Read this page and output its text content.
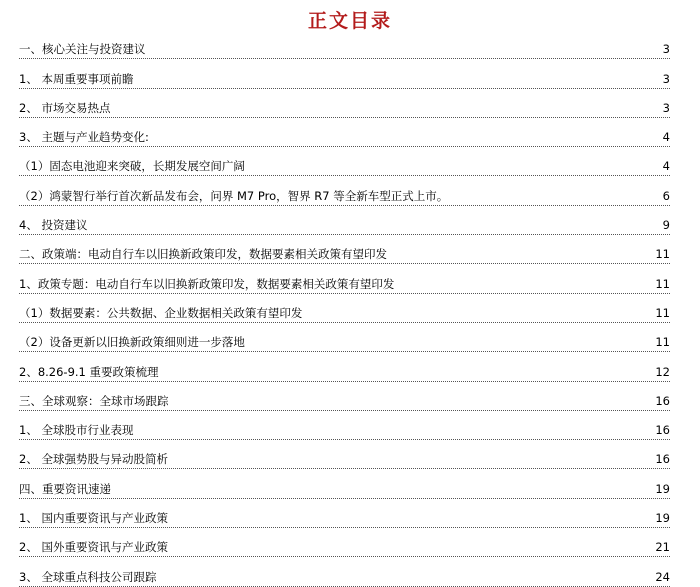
正文目录
一、核心关注与投资建议	3
1、 本周重要事项前瞻	3
2、 市场交易热点	3
3、 主题与产业趋势变化:	4
（1）固态电池迎来突破，长期发展空间广阔	4
（2）鸿蒙智行举行首次新品发布会，问界 M7 Pro，智界 R7 等全新车型正式上市。	6
4、 投资建议	9
二、政策端：电动自行车以旧换新政策印发，数据要素相关政策有望印发	11
1、政策专题：电动自行车以旧换新政策印发，数据要素相关政策有望印发	11
（1）数据要素：公共数据、企业数据相关政策有望印发	11
（2）设备更新以旧换新政策细则进一步落地	11
2、8.26-9.1 重要政策梳理	12
三、全球观察：全球市场跟踪	16
1、 全球股市行业表现	16
2、 全球强势股与异动股简析	16
四、重要资讯速递	19
1、 国内重要资讯与产业政策	19
2、 国外重要资讯与产业政策	21
3、 全球重点科技公司跟踪	24
